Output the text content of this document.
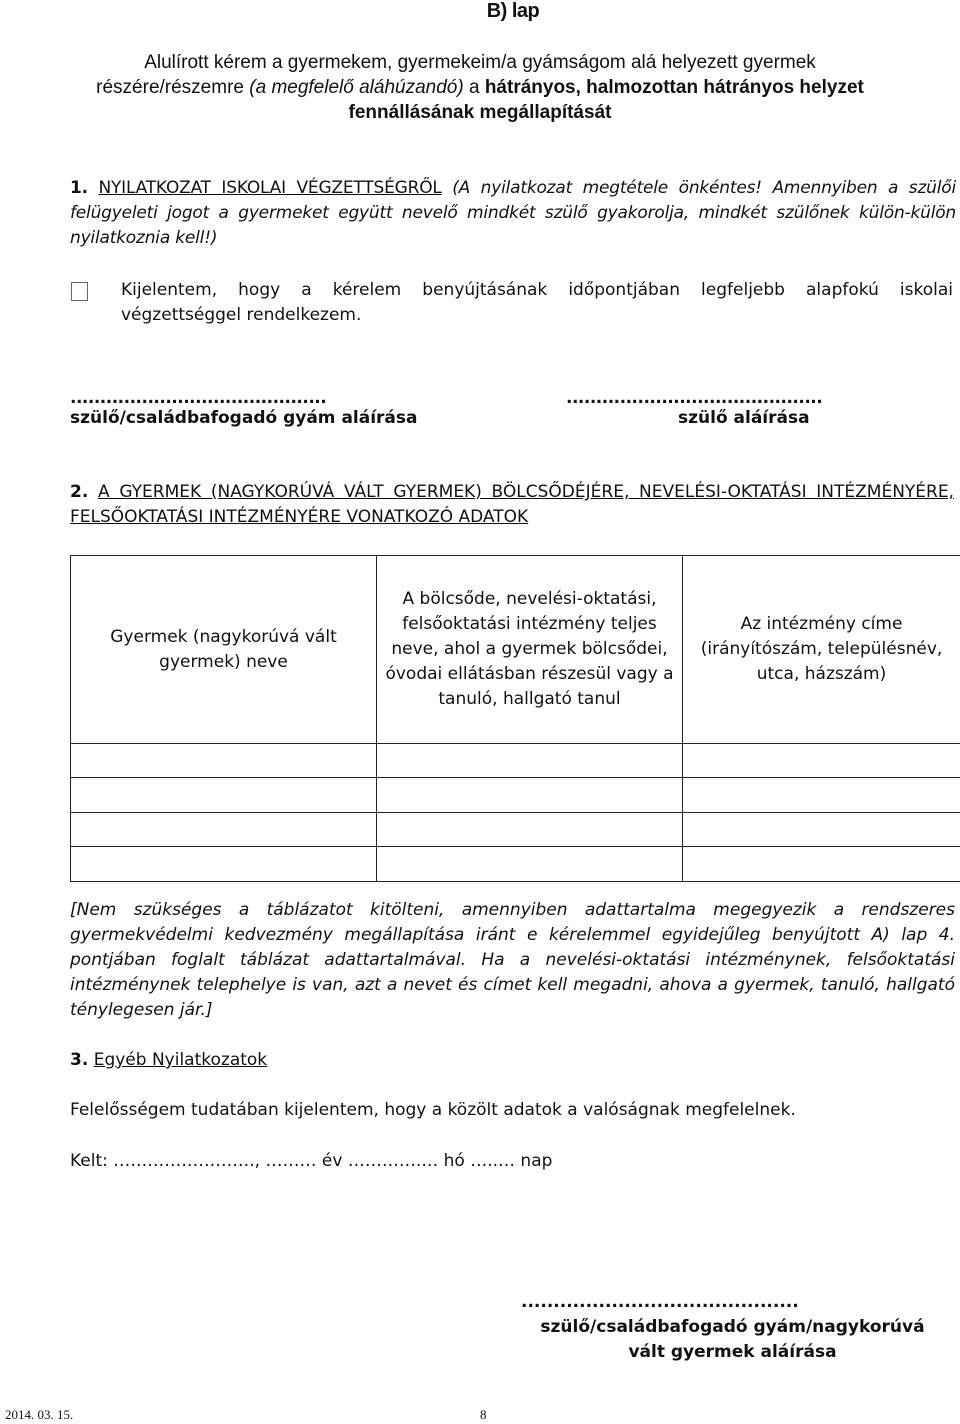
B) lap
Alulírott kérem a gyermekem, gyermekeim/a gyámságom alá helyezett gyermek
részére/részemre (a megfelelő aláhúzandó) a hátrányos, halmozottan hátrányos helyzet
fennállásának megállapítását
1. NYILATKOZAT ISKOLAI VÉGZETTSÉGRŐL (A nyilatkozat megtétele önkéntes! Amennyiben a szülői felügyeleti jogot a gyermeket együtt nevelő mindkét szülő gyakorolja, mindkét szülőnek külön-külön nyilatkoznia kell!)
Kijelentem, hogy a kérelem benyújtásának időpontjában legfeljebb alapfokú iskolai végzettséggel rendelkezem.
...........................................	...........................................
szülő/családbafogadó gyám aláírása	szülő aláírása
2. A GYERMEK (NAGYKORÚVÁ VÁLT GYERMEK) BÖLCSŐDÉJÉRE, NEVELÉSI-OKTATÁSI INTÉZMÉNYÉRE, FELSŐOKTATÁSI INTÉZMÉNYÉRE VONATKOZÓ ADATOK
Gyermek (nagykorúvá vált gyermek) neve	A bölcsőde, nevelési-oktatási, felsőoktatási intézmény teljes neve, ahol a gyermek bölcsődei, óvodai ellátásban részesül vagy a tanuló, hallgató tanul	Az intézmény címe (irányítószám, településnév, utca, házszám)

[Nem szükséges a táblázatot kitölteni, amennyiben adattartalma megegyezik a rendszeres gyermekvédelmi kedvezmény megállapítása iránt e kérelemmel egyidejűleg benyújtott A) lap 4. pontjában foglalt táblázat adattartalmával. Ha a nevelési-oktatási intézménynek, felsőoktatási intézménynek telephelye is van, azt a nevet és címet kell megadni, ahova a gyermek, tanuló, hallgató ténylegesen jár.]
3. Egyéb Nyilatkozatok
Felelősségem tudatában kijelentem, hogy a közölt adatok a valóságnak megfelelnek.
Kelt: ……………………., ……… év ………….… hó …..… nap
...........................................
szülő/családbafogadó gyám/nagykorúvá
vált gyermek aláírása
2014. 03. 15.	8
